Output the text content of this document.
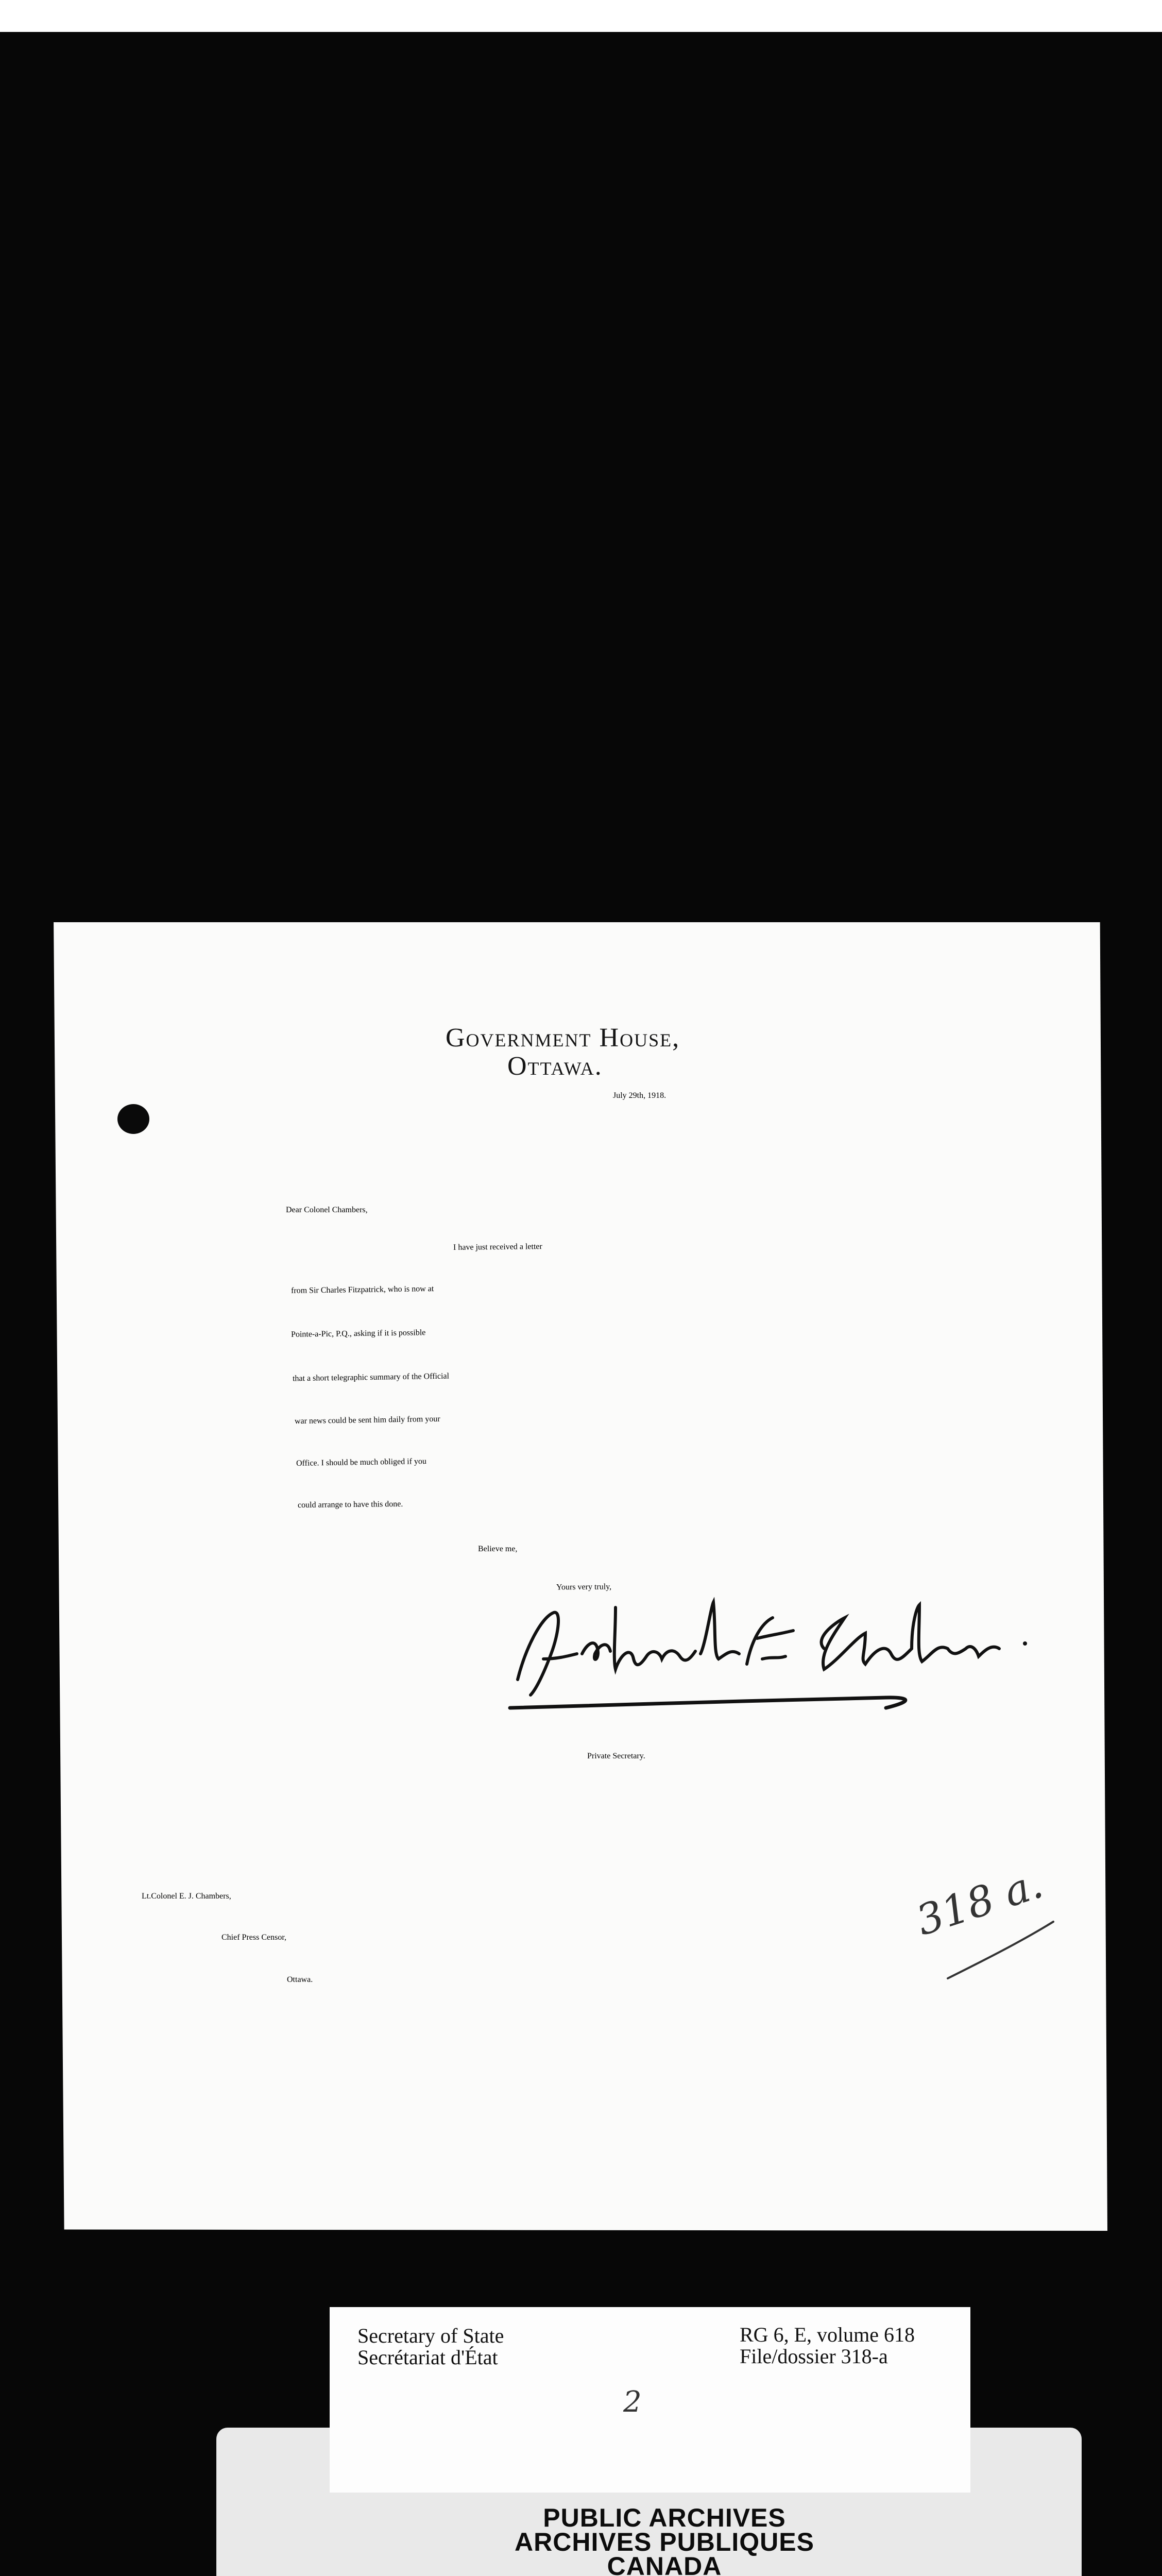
Government House,
Ottawa.
July 29th, 1918.
Dear Colonel Chambers,
I have just received a letter
from Sir Charles Fitzpatrick, who is now at
Pointe-a-Pic, P.Q., asking if it is possible
that a short telegraphic summary of the Official
war news could be sent him daily from your
Office. I should be much obliged if you
could arrange to have this done.
Believe me,
Yours very truly,
Private Secretary.
Lt.Colonel E. J. Chambers,
Chief Press Censor,
Ottawa.
318 a.
Secretary of State
Secrétariat d'État
RG 6, E, volume 618
File/dossier 318-a
2
PUBLIC ARCHIVES
ARCHIVES PUBLIQUES
CANADA
